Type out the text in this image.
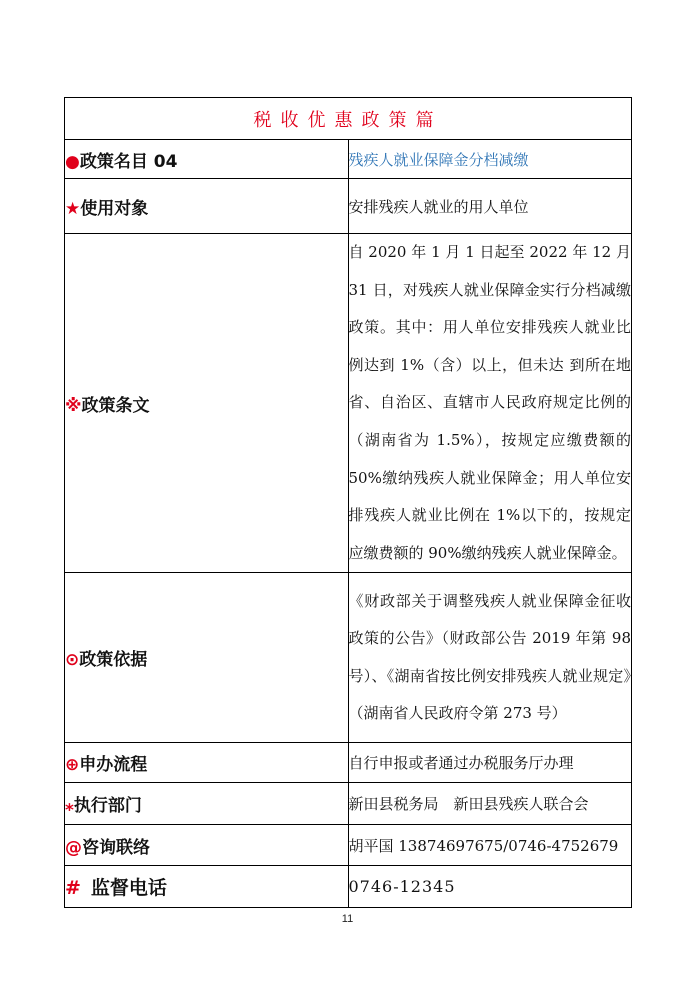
税收优惠政策篇	
●政策名目 04	残疾人就业保障金分档减缴
★使用对象	安排残疾人就业的用人单位
※政策条文	自 2020 年 1 月 1 日起至 2022 年 12 月 31 日，对残疾人就业保障金实行分档减缴政策。其中：用人单位安排残疾人就业比例达到 1%（含）以上，但未达 到所在地省、自治区、直辖市人民政府规定比例的（湖南省为 1.5%），按规定应缴费额的 50%缴纳残疾人就业保障金；用人单位安排残疾人就业比例在 1%以下的，按规定应缴费额的 90%缴纳残疾人就业保障金。

⊙政策依据	《财政部关于调整残疾人就业保障金征收政策的公告》（财政部公告 2019 年第 98 号）、《湖南省按比例安排残疾人就业规定》（湖南省人民政府令第 273 号）

⊕申办流程	自行申报或者通过办税服务厅办理
⁎执行部门	新田县税务局　新田县残疾人联合会
@咨询联络	胡平国 13874697675/0746-4752679
# 监督电话	0746-12345
11
